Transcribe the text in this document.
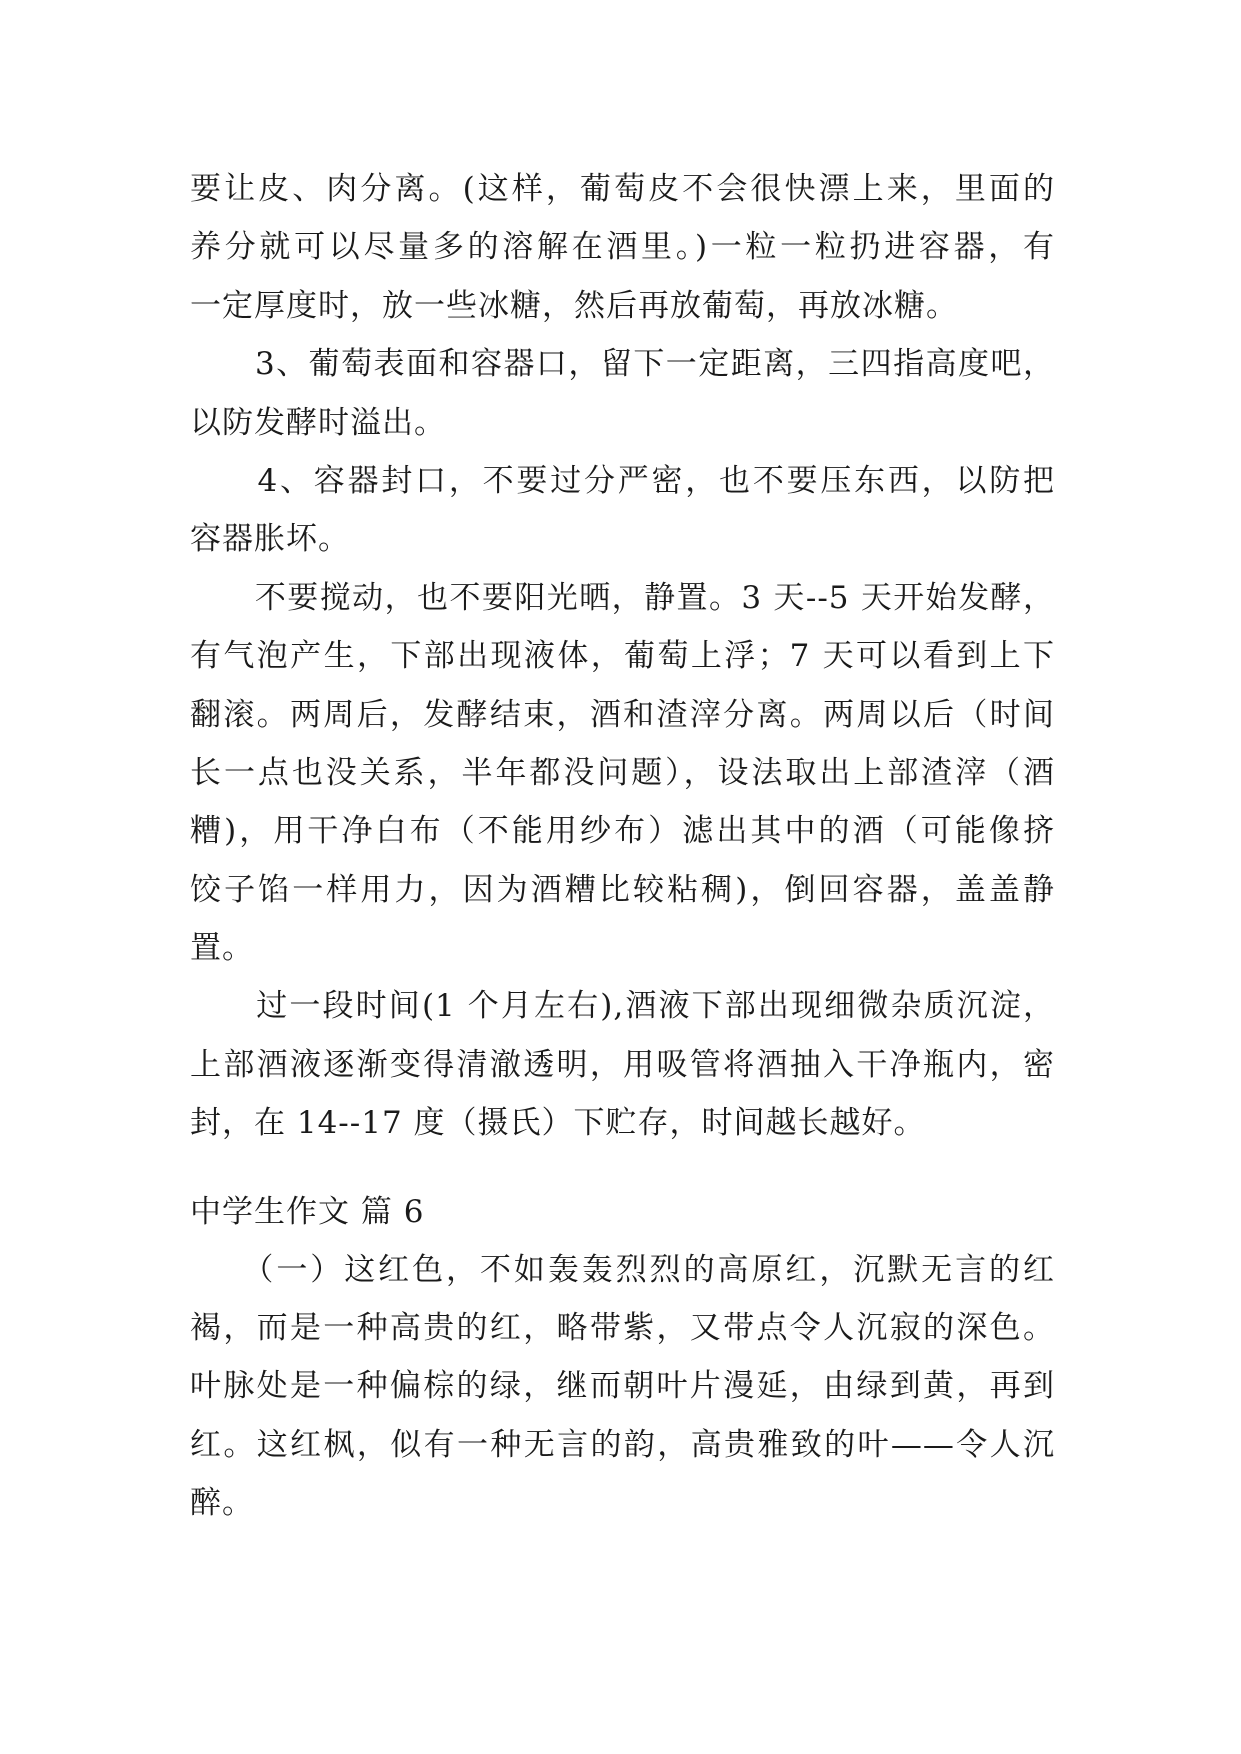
要让皮、肉分离。(这样，葡萄皮不会很快漂上来，里面的
养分就可以尽量多的溶解在酒里。)一粒一粒扔进容器，有
一定厚度时，放一些冰糖，然后再放葡萄，再放冰糖。
　　3、葡萄表面和容器口，留下一定距离，三四指高度吧，
以防发酵时溢出。
　　4、容器封口，不要过分严密，也不要压东西，以防把
容器胀坏。
　　不要搅动，也不要阳光晒，静置。3 天--5 天开始发酵，
有气泡产生，下部出现液体，葡萄上浮；7 天可以看到上下
翻滚。两周后，发酵结束，酒和渣滓分离。两周以后（时间
长一点也没关系，半年都没问题），设法取出上部渣滓（酒
糟)，用干净白布（不能用纱布）滤出其中的酒（可能像挤
饺子馅一样用力，因为酒糟比较粘稠)，倒回容器，盖盖静
置。
　　过一段时间(1 个月左右),酒液下部出现细微杂质沉淀，
上部酒液逐渐变得清澈透明，用吸管将酒抽入干净瓶内，密
封，在 14--17 度（摄氏）下贮存，时间越长越好。
中学生作文 篇 6
　　（一）这红色，不如轰轰烈烈的高原红，沉默无言的红
褐，而是一种高贵的红，略带紫，又带点令人沉寂的深色。
叶脉处是一种偏棕的绿，继而朝叶片漫延，由绿到黄，再到
红。这红枫，似有一种无言的韵，高贵雅致的叶——令人沉
醉。
